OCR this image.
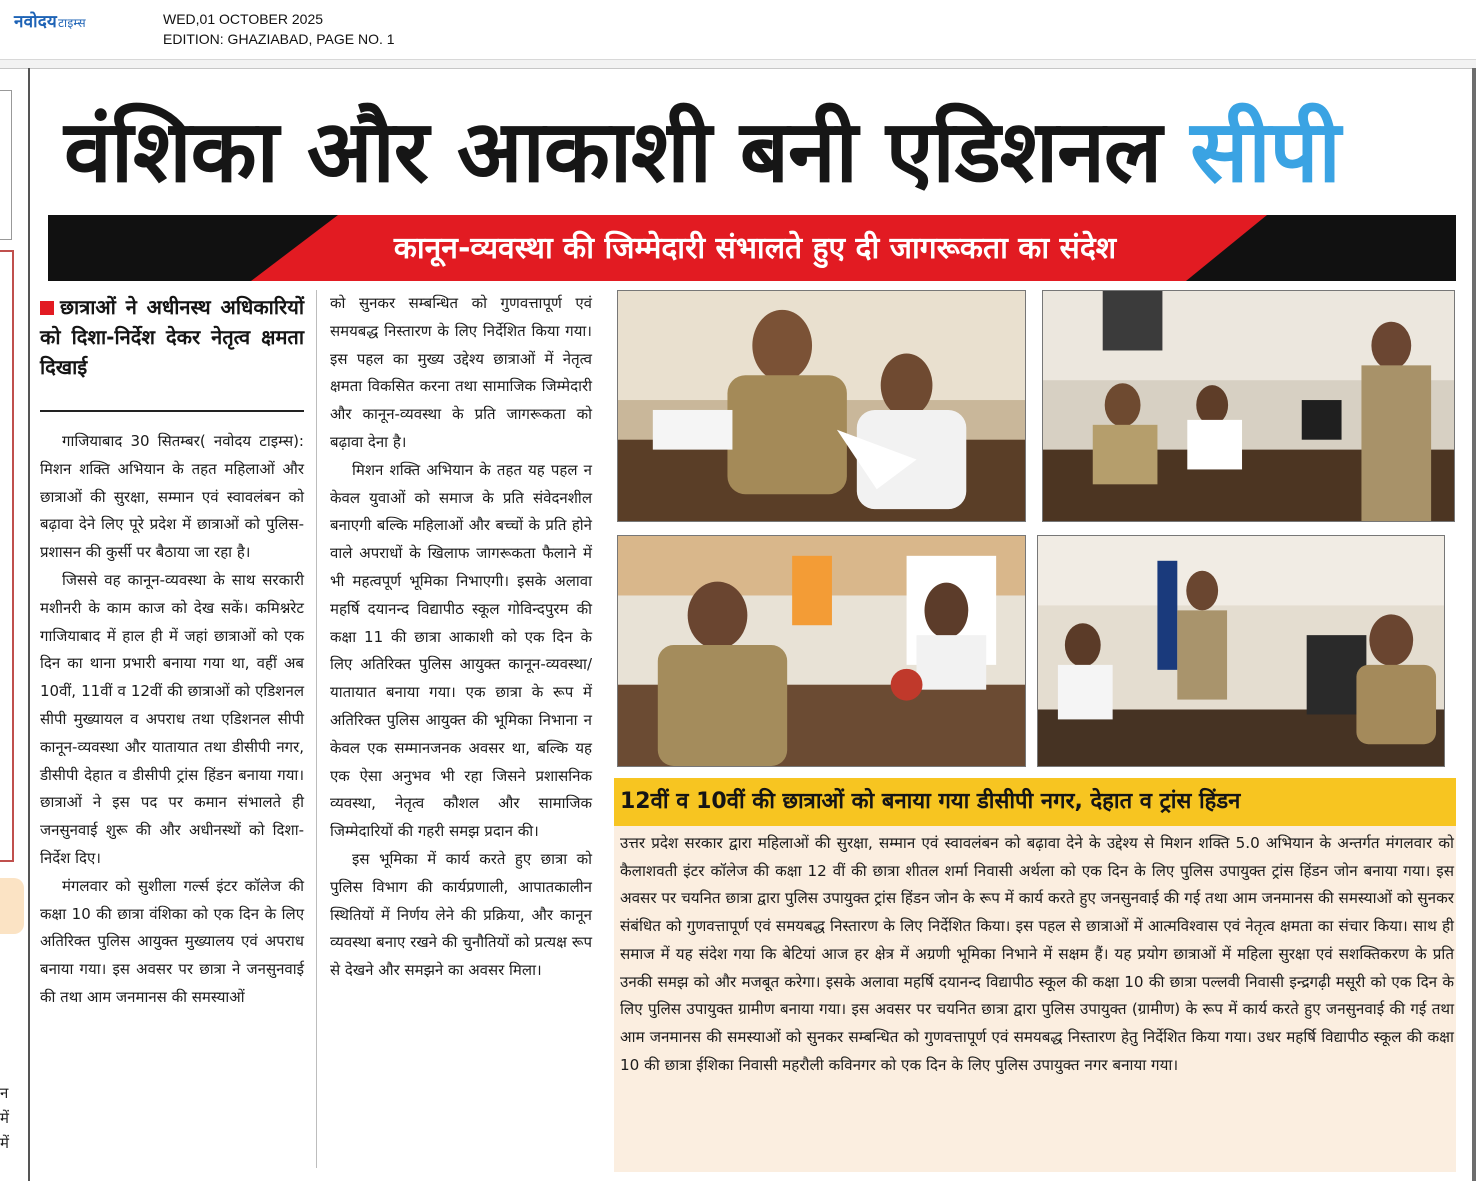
नवोदयटाइम्स	WED,01 OCTOBER 2025
EDITION: GHAZIABAD, PAGE NO. 1
न
में
में
वंशिका और आकाशी बनी एडिशनल सीपी
कानून-व्यवस्था की जिम्मेदारी संभालते हुए दी जागरूकता का संदेश
छात्राओं ने अधीनस्थ अधिकारियों को दिशा-निर्देश देकर नेतृत्व क्षमता दिखाई

गाजियाबाद 30 सितम्बर( नवोदय टाइम्स): मिशन शक्ति अभियान के तहत महिलाओं और छात्राओं की सुरक्षा, सम्मान एवं स्वावलंबन को बढ़ावा देने लिए पूरे प्रदेश में छात्राओं को पुलिस-प्रशासन की कुर्सी पर बैठाया जा रहा है।

जिससे वह कानून-व्यवस्था के साथ सरकारी मशीनरी के काम काज को देख सकें। कमिश्नरेट गाजियाबाद में हाल ही में जहां छात्राओं को एक दिन का थाना प्रभारी बनाया गया था, वहीं अब 10वीं, 11वीं व 12वीं की छात्राओं को एडिशनल सीपी मुख्यायल व अपराध तथा एडिशनल सीपी कानून-व्यवस्था और यातायात तथा डीसीपी नगर, डीसीपी देहात व डीसीपी ट्रांस हिंडन बनाया गया। छात्राओं ने इस पद पर कमान संभालते ही जनसुनवाई शुरू की और अधीनस्थों को दिशा-निर्देश दिए।

मंगलवार को सुशीला गर्ल्स इंटर कॉलेज की कक्षा 10 की छात्रा वंशिका को एक दिन के लिए अतिरिक्त पुलिस आयुक्त मुख्यालय एवं अपराध बनाया गया। इस अवसर पर छात्रा ने जनसुनवाई की तथा आम जनमानस की समस्याओं

को सुनकर सम्बन्धित को गुणवत्तापूर्ण एवं समयबद्ध निस्तारण के लिए निर्देशित किया गया। इस पहल का मुख्य उद्देश्य छात्राओं में नेतृत्व क्षमता विकसित करना तथा सामाजिक जिम्मेदारी और कानून-व्यवस्था के प्रति जागरूकता को बढ़ावा देना है।

मिशन शक्ति अभियान के तहत यह पहल न केवल युवाओं को समाज के प्रति संवेदनशील बनाएगी बल्कि महिलाओं और बच्चों के प्रति होने वाले अपराधों के खिलाफ जागरूकता फैलाने में भी महत्वपूर्ण भूमिका निभाएगी। इसके अलावा महर्षि दयानन्द विद्यापीठ स्कूल गोविन्दपुरम की कक्षा 11 की छात्रा आकाशी को एक दिन के लिए अतिरिक्त पुलिस आयुक्त कानून-व्यवस्था/यातायात बनाया गया। एक छात्रा के रूप में अतिरिक्त पुलिस आयुक्त की भूमिका निभाना न केवल एक सम्मानजनक अवसर था, बल्कि यह एक ऐसा अनुभव भी रहा जिसने प्रशासनिक व्यवस्था, नेतृत्व कौशल और सामाजिक जिम्मेदारियों की गहरी समझ प्रदान की।

इस भूमिका में कार्य करते हुए छात्रा को पुलिस विभाग की कार्यप्रणाली, आपातकालीन स्थितियों में निर्णय लेने की प्रक्रिया, और कानून व्यवस्था बनाए रखने की चुनौतियों को प्रत्यक्ष रूप से देखने और समझने का अवसर मिला।

12वीं व 10वीं की छात्राओं को बनाया गया डीसीपी नगर, देहात व ट्रांस हिंडन
उत्तर प्रदेश सरकार द्वारा महिलाओं की सुरक्षा, सम्मान एवं स्वावलंबन को बढ़ावा देने के उद्देश्य से मिशन शक्ति 5.0 अभियान के अन्तर्गत मंगलवार को कैलाशवती इंटर कॉलेज की कक्षा 12 वीं की छात्रा शीतल शर्मा निवासी अर्थला को एक दिन के लिए पुलिस उपायुक्त ट्रांस हिंडन जोन बनाया गया। इस अवसर पर चयनित छात्रा द्वारा पुलिस उपायुक्त ट्रांस हिंडन जोन के रूप में कार्य करते हुए जनसुनवाई की गई तथा आम जनमानस की समस्याओं को सुनकर संबंधित को गुणवत्तापूर्ण एवं समयबद्ध निस्तारण के लिए निर्देशित किया। इस पहल से छात्राओं में आत्मविश्वास एवं नेतृत्व क्षमता का संचार किया। साथ ही समाज में यह संदेश गया कि बेटियां आज हर क्षेत्र में अग्रणी भूमिका निभाने में सक्षम हैं। यह प्रयोग छात्राओं में महिला सुरक्षा एवं सशक्तिकरण के प्रति उनकी समझ को और मजबूत करेगा। इसके अलावा महर्षि दयानन्द विद्यापीठ स्कूल की कक्षा 10 की छात्रा पल्लवी निवासी इन्द्रगढ़ी मसूरी को एक दिन के लिए पुलिस उपायुक्त ग्रामीण बनाया गया। इस अवसर पर चयनित छात्रा द्वारा पुलिस उपायुक्त (ग्रामीण) के रूप में कार्य करते हुए जनसुनवाई की गई तथा आम जनमानस की समस्याओं को सुनकर सम्बन्धित को गुणवत्तापूर्ण एवं समयबद्ध निस्तारण हेतु निर्देशित किया गया। उधर महर्षि विद्यापीठ स्कूल की कक्षा 10 की छात्रा ईशिका निवासी महरौली कविनगर को एक दिन के लिए पुलिस उपायुक्त नगर बनाया गया।
